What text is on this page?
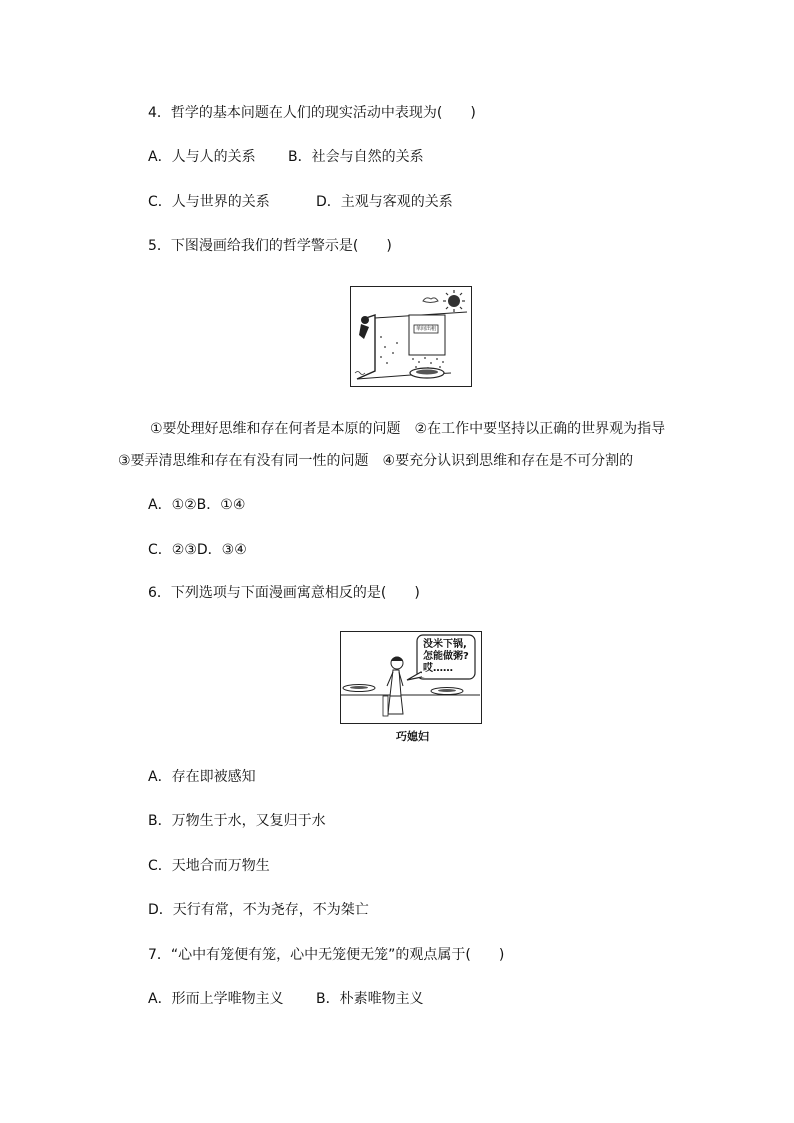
4．哲学的基本问题在人们的现实活动中表现为(　　)
A．人与人的关系 B．社会与自然的关系
C．人与世界的关系	D．主观与客观的关系
5．下图漫画给我们的哲学警示是(　　)
单间出租
①要处理好思维和存在何者是本原的问题　②在工作中要坚持以正确的世界观为指导
③要弄清思维和存在有没有同一性的问题　④要充分认识到思维和存在是不可分割的
A．①②B．①④
C．②③D．③④
6．下列选项与下面漫画寓意相反的是(　　)
没米下锅,
怎能做粥?
哎……
巧媳妇
A．存在即被感知
B．万物生于水，又复归于水
C．天地合而万物生
D．天行有常，不为尧存，不为桀亡
7．“心中有笼便有笼，心中无笼便无笼”的观点属于(　　)
A．形而上学唯物主义 B．朴素唯物主义
